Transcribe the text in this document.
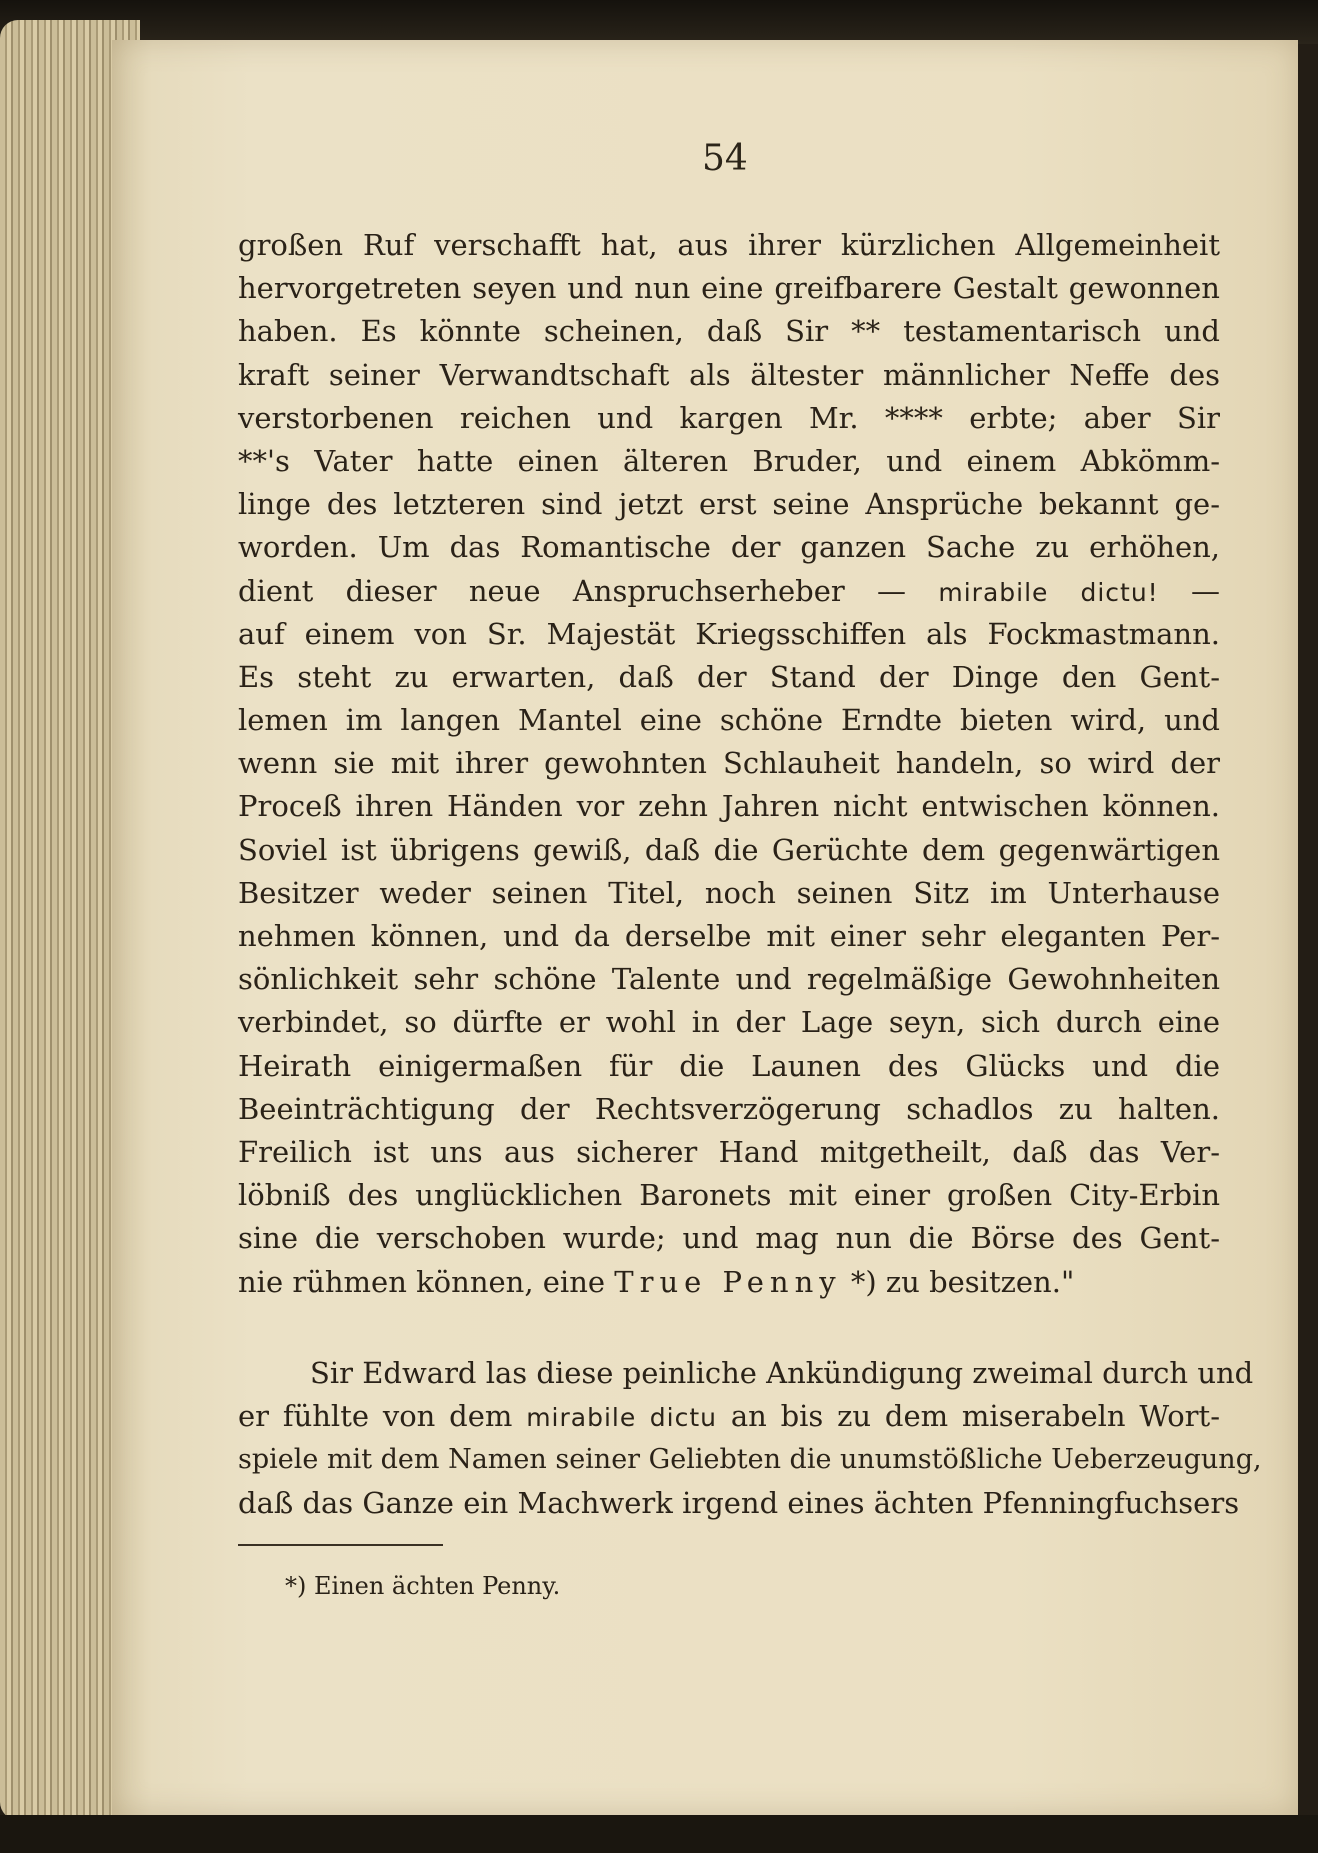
54
großen Ruf verschafft hat, aus ihrer kürzlichen Allgemeinheit
hervorgetreten seyen und nun eine greifbarere Gestalt gewonnen
haben. Es könnte scheinen, daß Sir ** testamentarisch und
kraft seiner Verwandtschaft als ältester männlicher Neffe des
verstorbenen reichen und kargen Mr. **** erbte; aber Sir
**'s Vater hatte einen älteren Bruder, und einem Abkömm-
linge des letzteren sind jetzt erst seine Ansprüche bekannt ge-
worden. Um das Romantische der ganzen Sache zu erhöhen,
dient dieser neue Anspruchserheber — mirabile dictu! —
auf einem von Sr. Majestät Kriegsschiffen als Fockmastmann.
Es steht zu erwarten, daß der Stand der Dinge den Gent-
lemen im langen Mantel eine schöne Erndte bieten wird, und
wenn sie mit ihrer gewohnten Schlauheit handeln, so wird der
Proceß ihren Händen vor zehn Jahren nicht entwischen können.
Soviel ist übrigens gewiß, daß die Gerüchte dem gegenwärtigen
Besitzer weder seinen Titel, noch seinen Sitz im Unterhause
nehmen können, und da derselbe mit einer sehr eleganten Per-
sönlichkeit sehr schöne Talente und regelmäßige Gewohnheiten
verbindet, so dürfte er wohl in der Lage seyn, sich durch eine
Heirath einigermaßen für die Launen des Glücks und die
Beeinträchtigung der Rechtsverzögerung schadlos zu halten.
Freilich ist uns aus sicherer Hand mitgetheilt, daß das Ver-
löbniß des unglücklichen Baronets mit einer großen City-Erbin
sine die verschoben wurde; und mag nun die Börse des Gent-
nie rühmen können, eine True Penny *) zu besitzen."
Sir Edward las diese peinliche Ankündigung zweimal durch und
er fühlte von dem mirabile dictu an bis zu dem miserabeln Wort-
spiele mit dem Namen seiner Geliebten die unumstößliche Ueberzeugung,
daß das Ganze ein Machwerk irgend eines ächten Pfenningfuchsers
*) Einen ächten Penny.
